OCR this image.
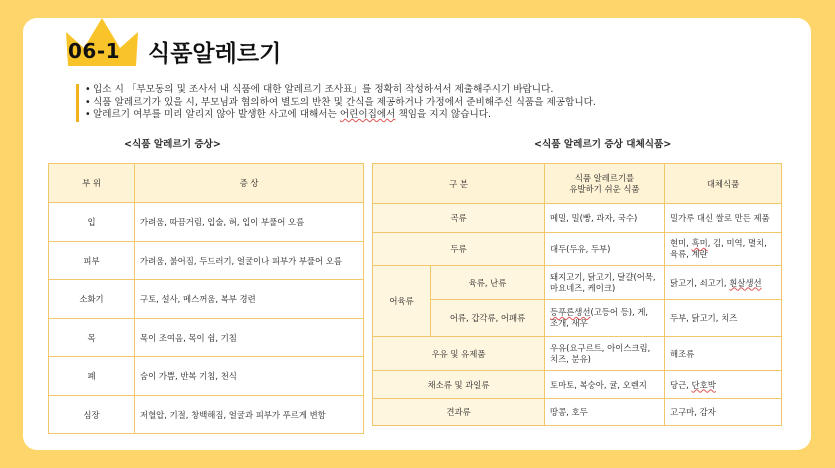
06-1 식품알레르기
• 입소 시 「부모동의 및 조사서 내 식품에 대한 알레르기 조사표」를 정확히 작성하셔서 제출해주시기 바랍니다.
• 식품 알레르기가 있을 시, 부모님과 협의하여 별도의 반찬 및 간식을 제공하거나 가정에서 준비해주신 식품을 제공합니다.
• 알레르기 여부를 미리 알리지 않아 발생한 사고에 대해서는 어린이집에서 책임을 지지 않습니다.
<식품 알레르기 증상>	<식품 알레르기 증상 대체식품>
부 위	증 상
입	가려움, 따끔거림, 입술, 혀, 입이 부풀어 오름
피부	가려움, 붉어짐, 두드러기, 얼굴이나 피부가 부풀어 오름
소화기	구토, 설사, 메스꺼움, 복부 경련
목	목이 조여옴, 목이 쉼, 기침
폐	숨이 가쁨, 반복 기침, 천식
심장	저혈압, 기절, 창백해짐, 얼굴과 피부가 푸르게 변함
구 분		식품 알레르기를
유발하기 쉬운 식품	대체식품
곡류		메밀, 밀(빵, 과자, 국수)	밀가루 대신 쌀로 만든 제품
두류		대두(두유, 두부)	현미, 흑미, 김, 미역, 멸치,
육류, 계란
어육류	육류, 난류	돼지고기, 닭고기, 달걀(어묵,
마요네즈, 케이크)	닭고기, 쇠고기, 흰살생선
	어류, 갑각류, 어패류	등푸른생선(고등어 등), 게,
조개, 새우	두부, 닭고기, 치즈
우유 및 유제품		우유(요구르트, 아이스크림,
치즈, 분유)	해조류
채소류 및 과일류		토마토, 복숭아, 귤, 오렌지	당근, 단호박
견과류		땅콩, 호두	고구마, 감자
